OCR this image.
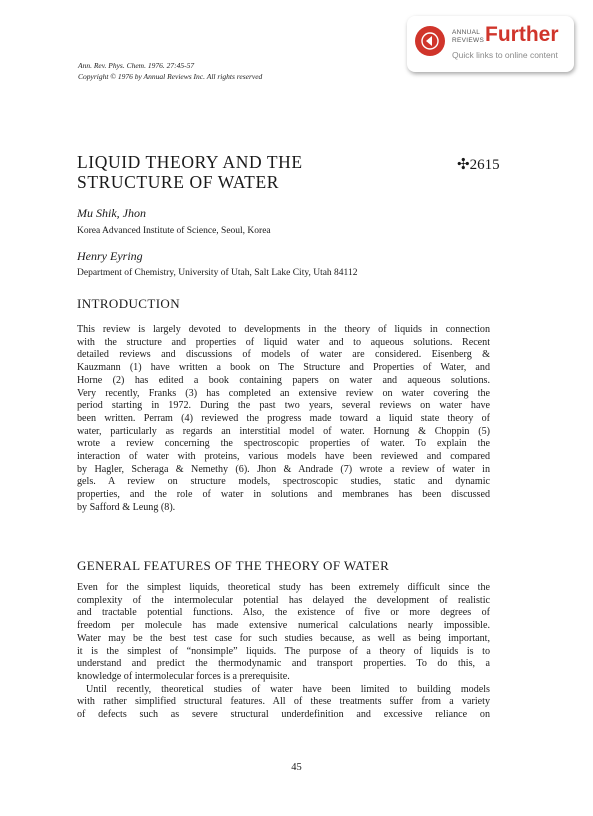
Ann. Rev. Phys. Chem. 1976. 27:45-57
Copyright © 1976 by Annual Reviews Inc. All rights reserved
ANNUAL
REVIEWS Further
Quick links to online content
LIQUID THEORY AND THE
STRUCTURE OF WATER
✣2615
Mu Shik, Jhon
Korea Advanced Institute of Science, Seoul, Korea
Henry Eyring
Department of Chemistry, University of Utah, Salt Lake City, Utah 84112
INTRODUCTION
This review is largely devoted to developments in the theory of liquids in connection
with the structure and properties of liquid water and to aqueous solutions. Recent
detailed reviews and discussions of models of water are considered. Eisenberg &
Kauzmann (1) have written a book on The Structure and Properties of Water, and
Horne (2) has edited a book containing papers on water and aqueous solutions.
Very recently, Franks (3) has completed an extensive review on water covering the
period starting in 1972. During the past two years, several reviews on water have
been written. Perram (4) reviewed the progress made toward a liquid state theory of
water, particularly as regards an interstitial model of water. Hornung & Choppin (5)
wrote a review concerning the spectroscopic properties of water. To explain the
interaction of water with proteins, various models have been reviewed and compared
by Hagler, Scheraga & Nemethy (6). Jhon & Andrade (7) wrote a review of water in
gels. A review on structure models, spectroscopic studies, static and dynamic
properties, and the role of water in solutions and membranes has been discussed
by Safford & Leung (8).
GENERAL FEATURES OF THE THEORY OF WATER
Even for the simplest liquids, theoretical study has been extremely difficult since the
complexity of the intermolecular potential has delayed the development of realistic
and tractable potential functions. Also, the existence of five or more degrees of
freedom per molecule has made extensive numerical calculations nearly impossible.
Water may be the best test case for such studies because, as well as being important,
it is the simplest of “nonsimple” liquids. The purpose of a theory of liquids is to
understand and predict the thermodynamic and transport properties. To do this, a
knowledge of intermolecular forces is a prerequisite.
Until recently, theoretical studies of water have been limited to building models
with rather simplified structural features. All of these treatments suffer from a variety
of defects such as severe structural underdefinition and excessive reliance on
45
